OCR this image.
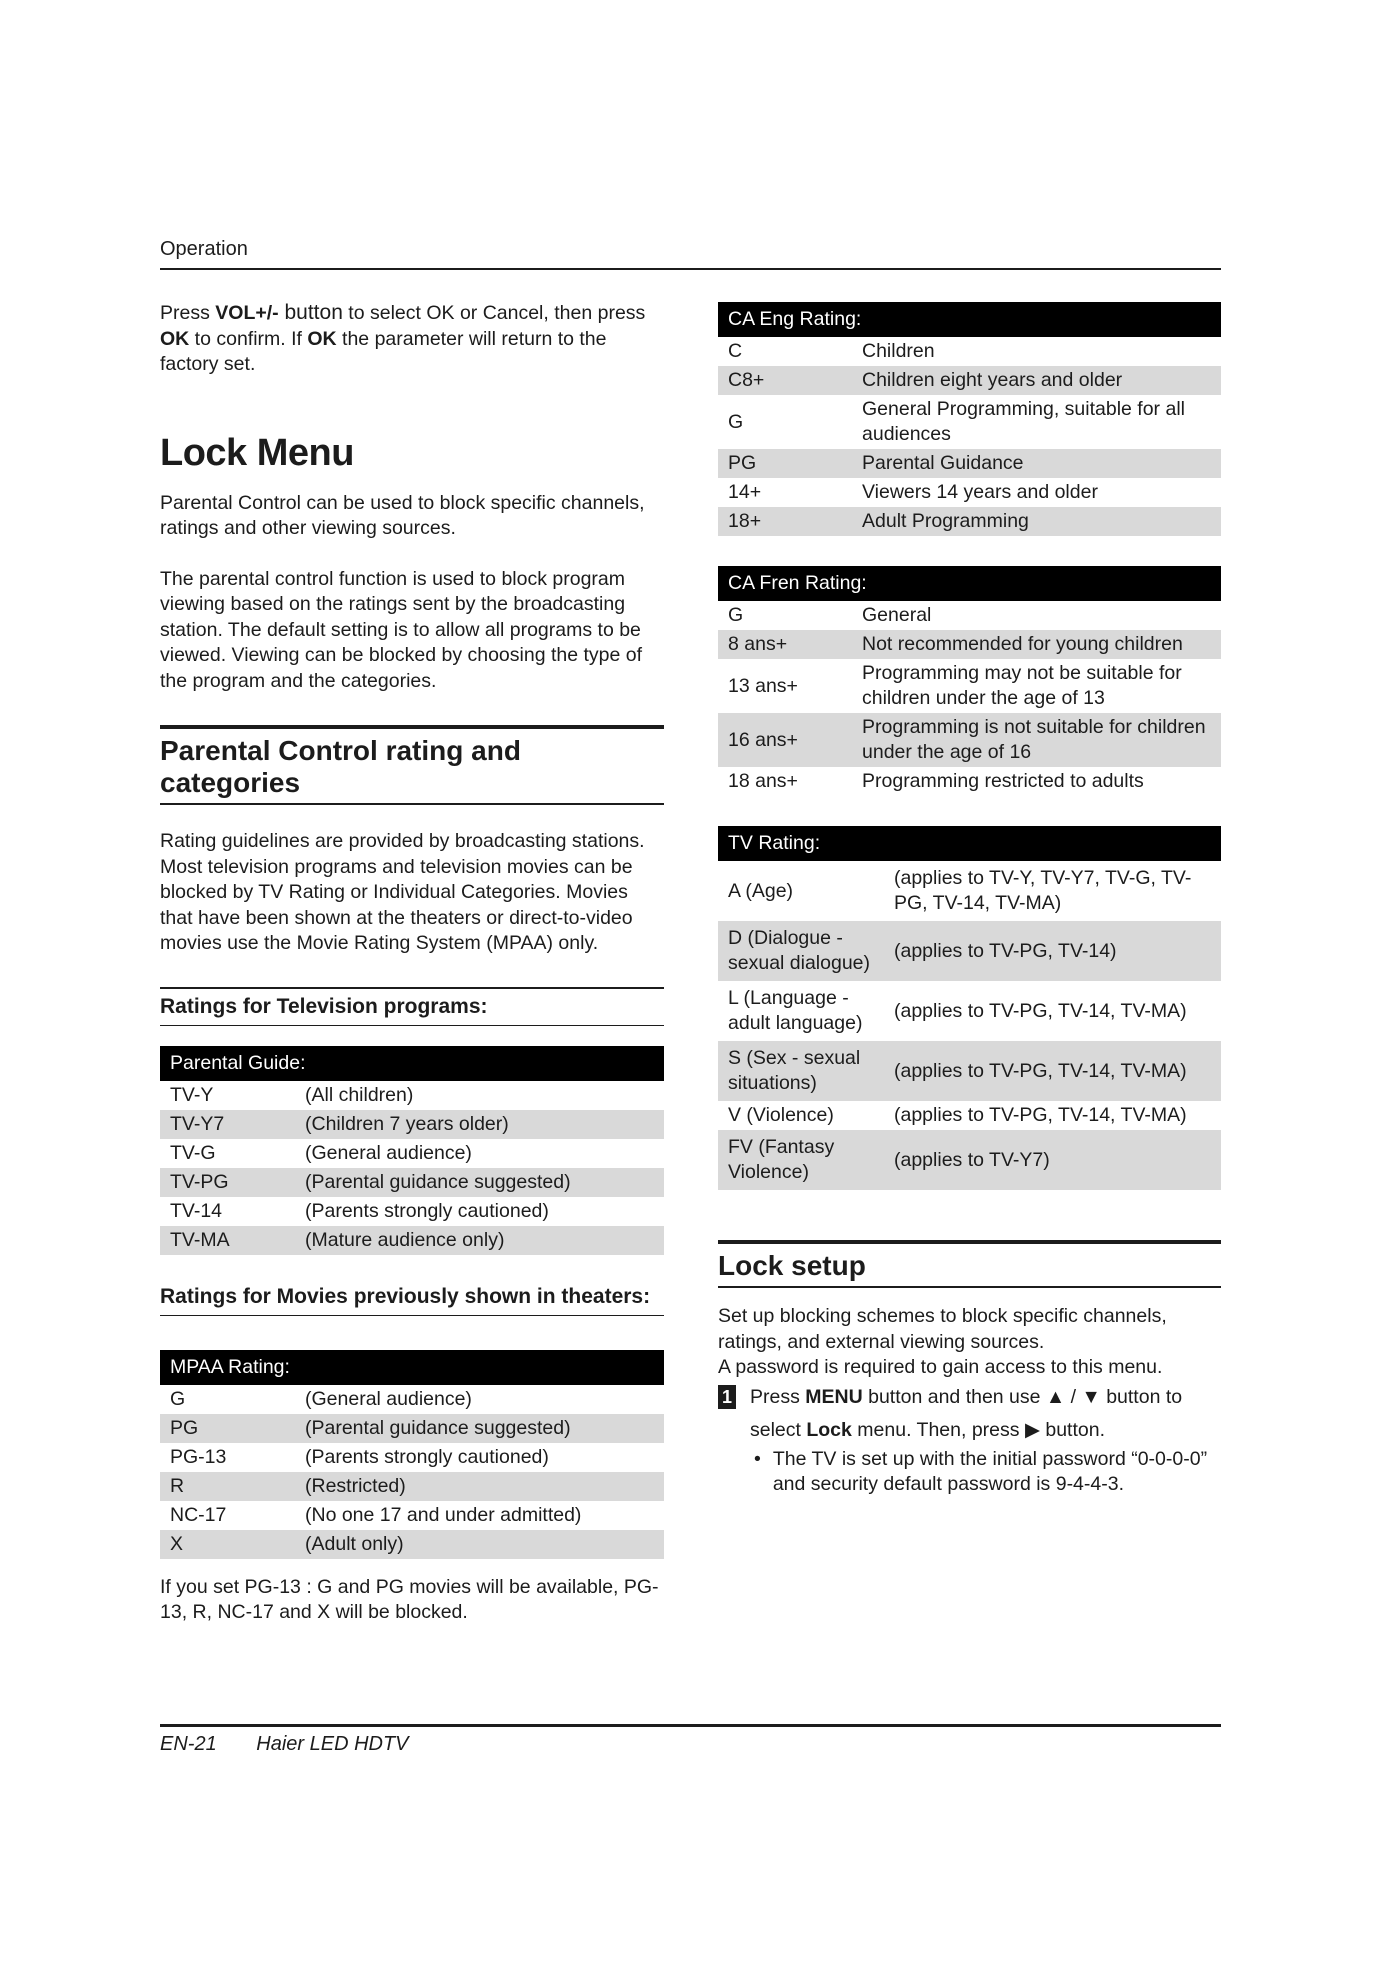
Operation

Press VOL+/- button to select OK or Cancel, then press OK to confirm. If OK the parameter will return to the factory set.

Lock Menu

Parental Control can be used to block specific channels, ratings and other viewing sources.

The parental control function is used to block program viewing based on the ratings sent by the broadcasting station. The default setting is to allow all programs to be viewed. Viewing can be blocked by choosing the type of the program and the categories.

Parental Control rating and categories

Rating guidelines are provided by broadcasting stations. Most television programs and television movies can be blocked by TV Rating or Individual Categories. Movies that have been shown at the theaters or direct-to-video movies use the Movie Rating System (MPAA) only.

Ratings for Television programs:
Parental Guide:	
TV-Y	(All children)
TV-Y7	(Children 7 years older)
TV-G	(General audience)
TV-PG	(Parental guidance suggested)
TV-14	(Parents strongly cautioned)
TV-MA	(Mature audience only)
Ratings for Movies previously shown in theaters:
MPAA Rating:	
G	(General audience)
PG	(Parental guidance suggested)
PG-13	(Parents strongly cautioned)
R	(Restricted)
NC-17	(No one 17 and under admitted)
X	(Adult only)

If you set PG-13 : G and PG movies will be available, PG-13, R, NC-17 and X will be blocked.

CA Eng Rating:	
C	Children
C8+	Children eight years and older
G	General Programming, suitable for all audiences
PG	Parental Guidance
14+	Viewers 14 years and older
18+	Adult Programming
CA Fren Rating:	
G	General
8 ans+	Not recommended for young children
13 ans+	Programming may not be suitable for children under the age of 13
16 ans+	Programming is not suitable for children under the age of 16
18 ans+	Programming restricted to adults
TV Rating:	
A (Age)	(applies to TV-Y, TV-Y7, TV-G, TV-PG, TV-14, TV-MA)
D (Dialogue - sexual dialogue)	(applies to TV-PG, TV-14)
L (Language - adult language)	(applies to TV-PG, TV-14, TV-MA)
S (Sex - sexual situations)	(applies to TV-PG, TV-14, TV-MA)
V (Violence)	(applies to TV-PG, TV-14, TV-MA)
FV (Fantasy Violence)	(applies to TV-Y7)
Lock setup

Set up blocking schemes to block specific channels, ratings, and external viewing sources.

A password is required to gain access to this menu.

1 Press MENU button and then use ▲ / ▼ button to
select Lock menu. Then, press ▶ button.
• The TV is set up with the initial password “0-0-0-0” and security default password is 9-4-4-3.
EN-21 Haier LED HDTV
